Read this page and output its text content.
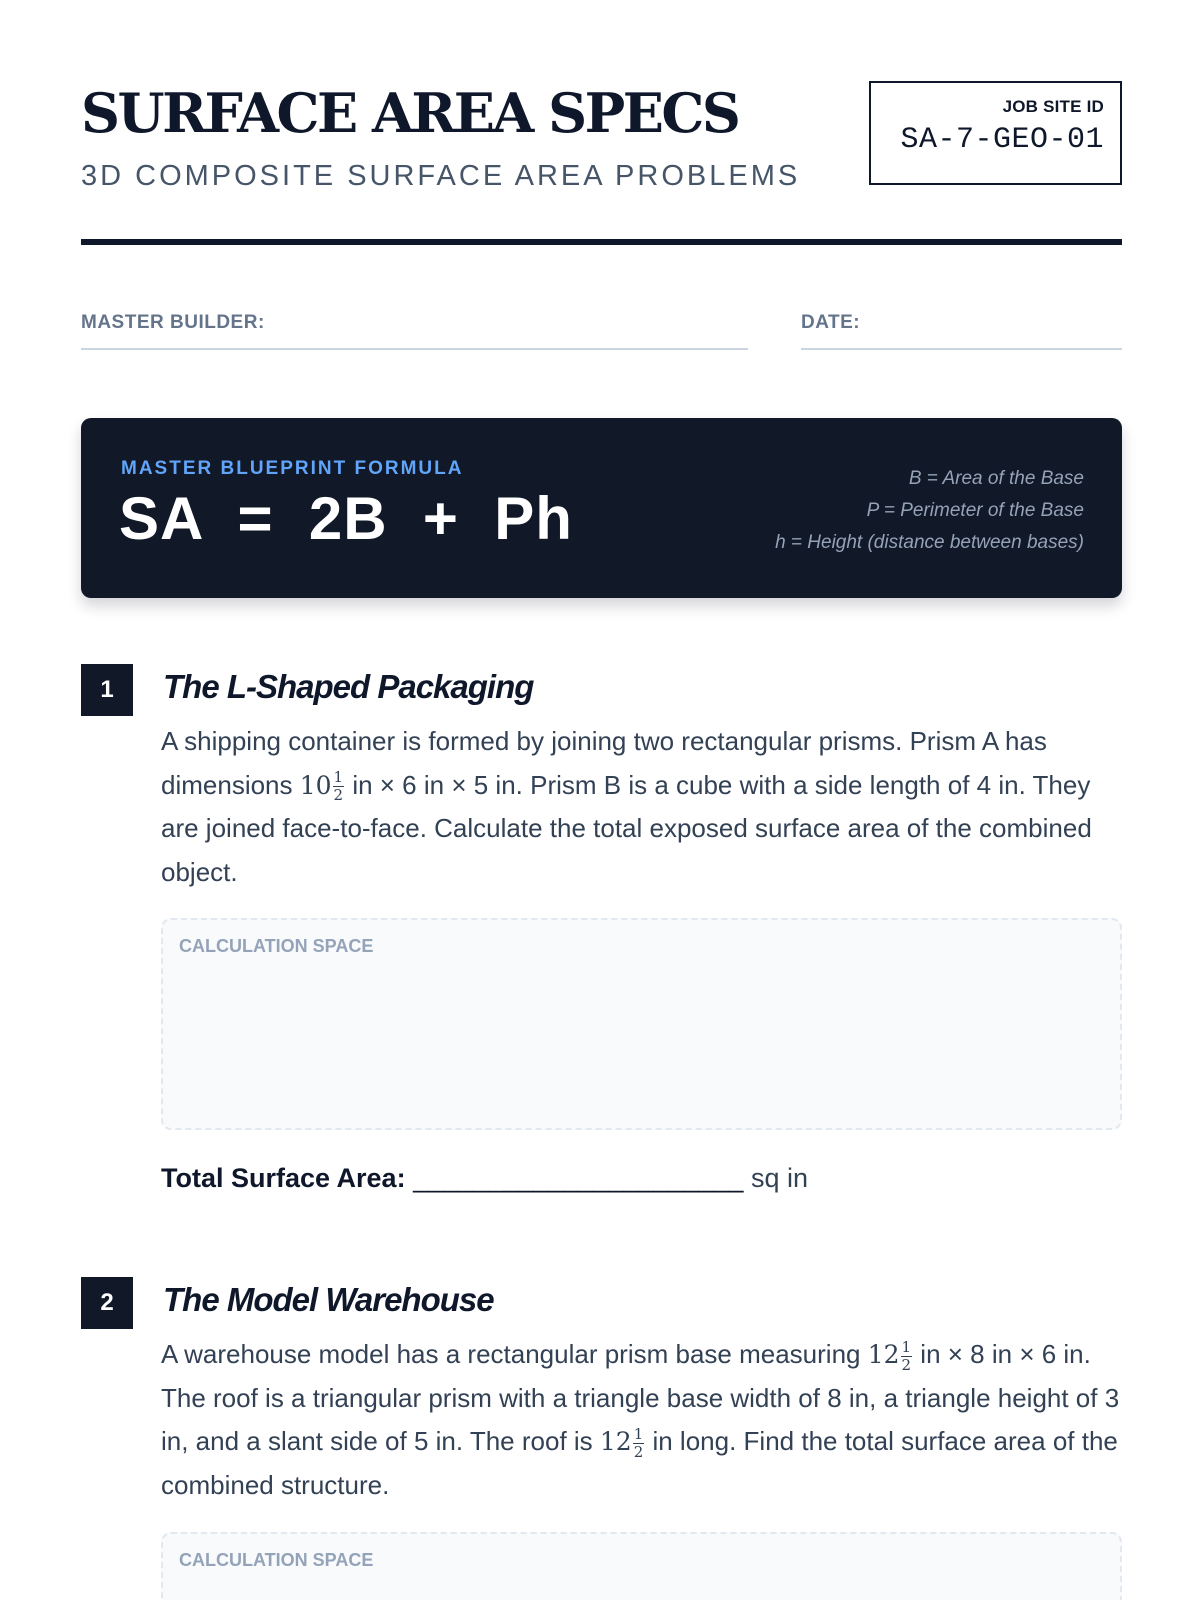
SURFACE AREA SPECS
3D COMPOSITE SURFACE AREA PROBLEMS
JOB SITE ID
SA-7-GEO-01
MASTER BUILDER:	DATE:
MASTER BLUEPRINT FORMULA
SA  =  2B  +  Ph
B = Area of the Base
P = Perimeter of the Base
h = Height (distance between bases)
1	The L-Shaped Packaging
A shipping container is formed by joining two rectangular prisms. Prism A has dimensions $10 \frac{1}{2}$ in × 6 in × 5 in. Prism B is a cube with a side length of 4 in. They are joined face-to-face. Calculate the total exposed surface area of the combined object.
CALCULATION SPACE
Total Surface Area: ______________________ sq in
2	The Model Warehouse
A warehouse model has a rectangular prism base measuring $12 \frac{1}{2}$ in × 8 in × 6 in. The roof is a triangular prism with a triangle base width of 8 in, a triangle height of 3 in, and a slant side of 5 in. The roof is $12 \frac{1}{2}$ in long. Find the total surface area of the combined structure.
CALCULATION SPACE
